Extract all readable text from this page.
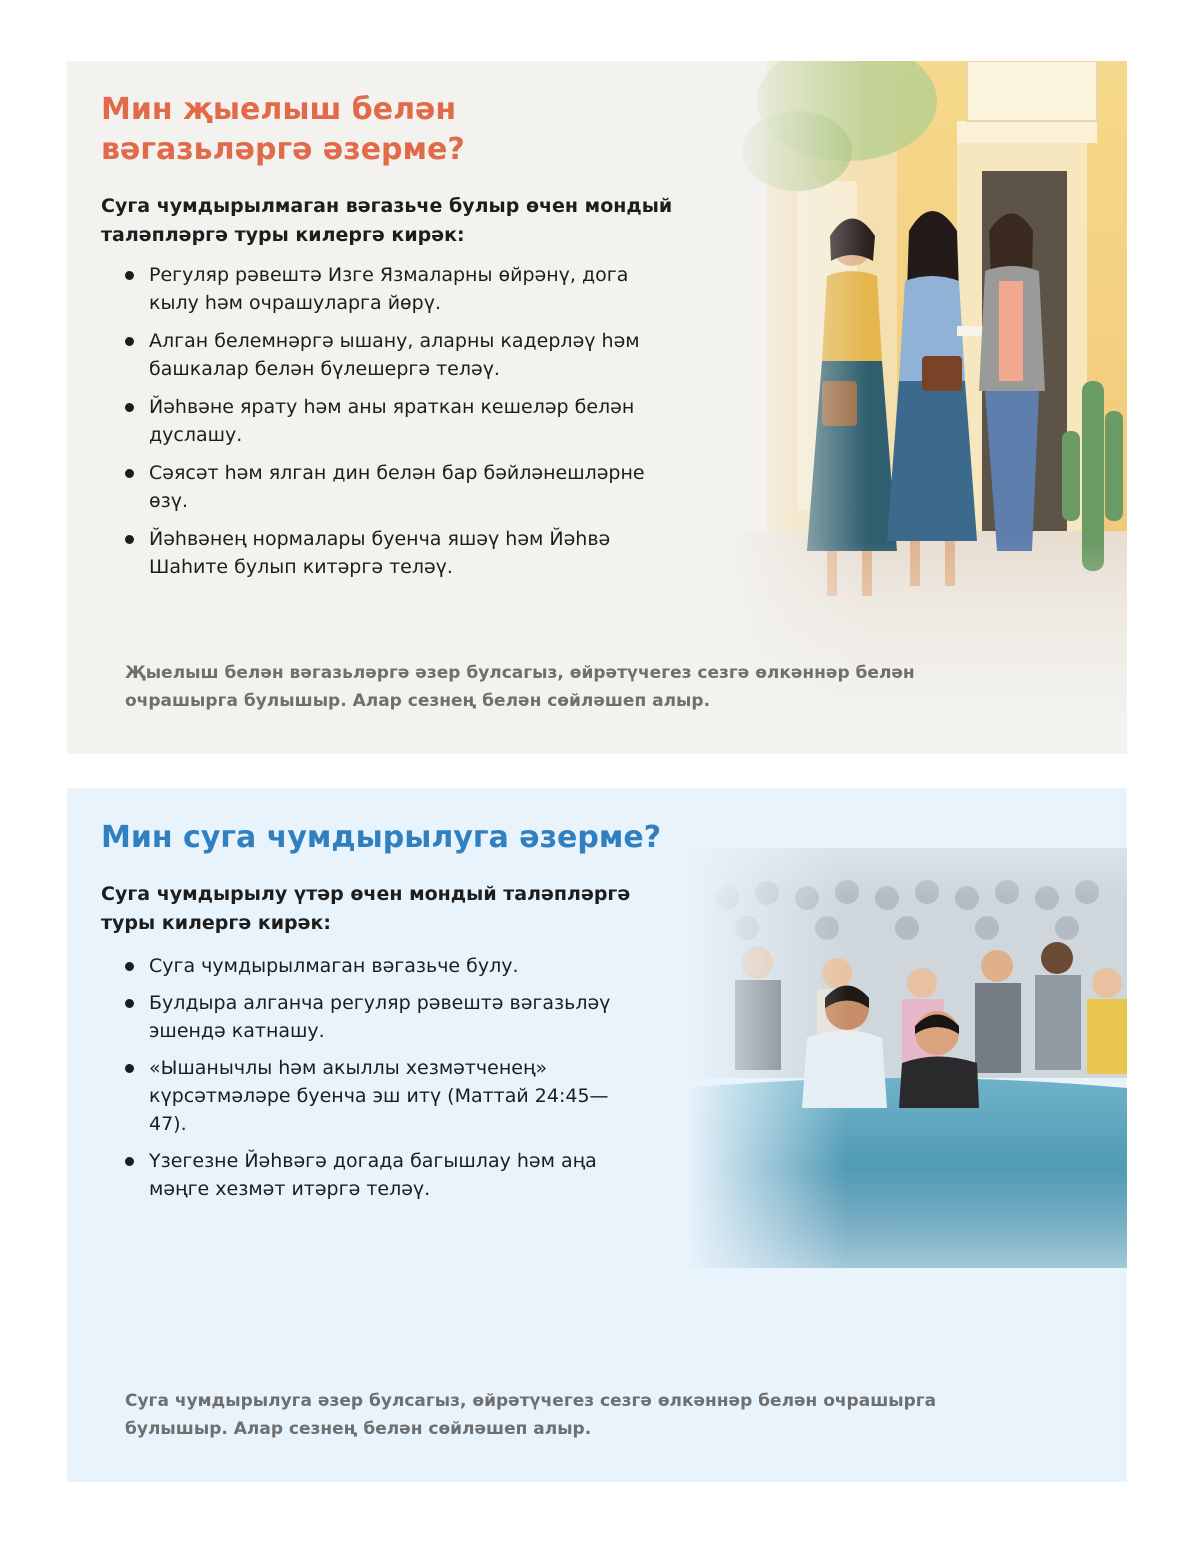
Мин җыелыш белән вәгазьләргә әзерме?

Суга чумдырылмаган вәгазьче булыр өчен мондый таләпләргә туры килергә кирәк:

Регуляр рәвештә Изге Язмаларны өйрәнү, дога кылу һәм очрашуларга йөрү.
Алган белемнәргә ышану, аларны кадерләү һәм башкалар белән бүлешергә теләү.
Йәһвәне ярату һәм аны яраткан кешеләр белән дуслашу.
Сәясәт һәм ялган дин белән бар бәйләнешләрне өзү.
Йәһвәнең нормалары буенча яшәү һәм Йәһвә Шаһите булып китәргә теләү.

Җыелыш белән вәгазьләргә әзер булсагыз, өйрәтүчегез сезгә өлкәннәр белән очрашырга булышыр. Алар сезнең белән сөйләшеп алыр.

Мин суга чумдырылуга әзерме?

Суга чумдырылу үтәр өчен мондый таләпләргә туры килергә кирәк:

Суга чумдырылмаган вәгазьче булу.
Булдыра алганча регуляр рәвештә вәгазьләү эшендә катнашу.
«Ышанычлы һәм акыллы хезмәтченең» күрсәтмәләре буенча эш итү (Маттай 24:45—47).
Үзегезне Йәһвәгә догада багышлау һәм аңа мәңге хезмәт итәргә теләү.

Суга чумдырылуга әзер булсагыз, өйрәтүчегез сезгә өлкәннәр белән очрашырга булышыр. Алар сезнең белән сөйләшеп алыр.
